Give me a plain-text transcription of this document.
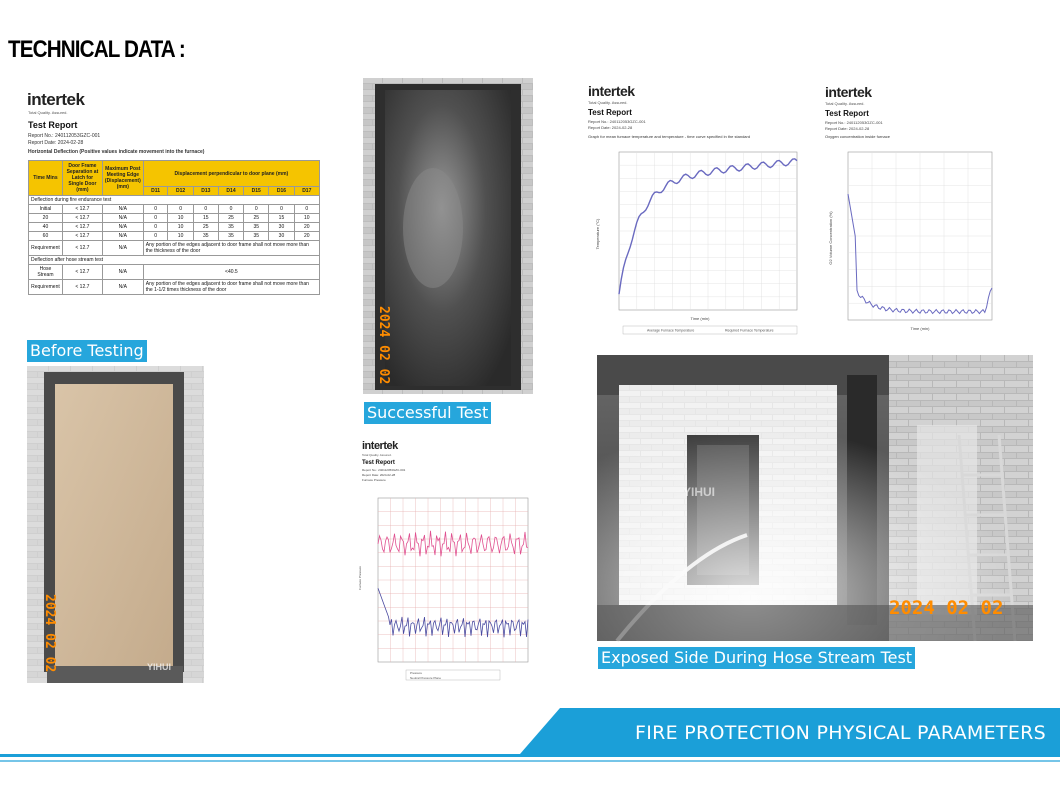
TECHNICAL DATA :
intertek
Total Quality. Assured.
Test Report
Report No.: 240112053GZC-001
Report Date: 2024-02-28
Horizontal Deflection (Positive values indicate movement into the furnace)
Time Mins	Door Frame Separation at Latch for Single Door (mm)	Maximum Post Meeting Edge (Displacement) (mm)	Displacement perpendicular to door plane (mm)						
			D11	D12	D13	D14	D15	D16	D17
Deflection during fire endurance test									
Initial	< 12.7	N/A	0	0	0	0	0	0	0
20	< 12.7	N/A	0	10	15	25	25	15	10
40	< 12.7	N/A	0	10	25	35	35	30	20
60	< 12.7	N/A	0	10	35	35	35	30	20
Requirement	< 12.7	N/A	Any portion of the edges adjacent to door frame shall not move more than the thickness of the door						
Deflection after hose stream test									
Hose Stream	< 12.7	N/A	<40.5						
Requirement	< 12.7	N/A	Any portion of the edges adjacent to door frame shall not move more than the 1-1/2 times thickness of the door						
Before Testing
2024 02 02	YIHUI
2024 02 02
Successful Test
intertek
Total Quality. Assured.
Test Report
Report No.: 240112053GZC-001
Report Date: 2024-02-28
Furnace Pressure
Pressure
Neutral Pressure Plane
Furnace Pressure
intertek
Total Quality. Assured.
Test Report
Report No.: 240112053GZC-001
Report Date: 2024-02-28
Graph for mean furnace temperature and temperature - time curve specified in the standard
Time (min)
Temperature (°C)
Average Furnace Temperature	Required Furnace Temperature
intertek
Total Quality. Assured.
Test Report
Report No.: 240112053GZC-001
Report Date: 2024-02-28
Oxygen concentration inside furnace
Time (min)
O2 Volume Concentration (%)
2024 02 02
YIHUI
Exposed Side During Hose Stream Test
FIRE PROTECTION PHYSICAL PARAMETERS
